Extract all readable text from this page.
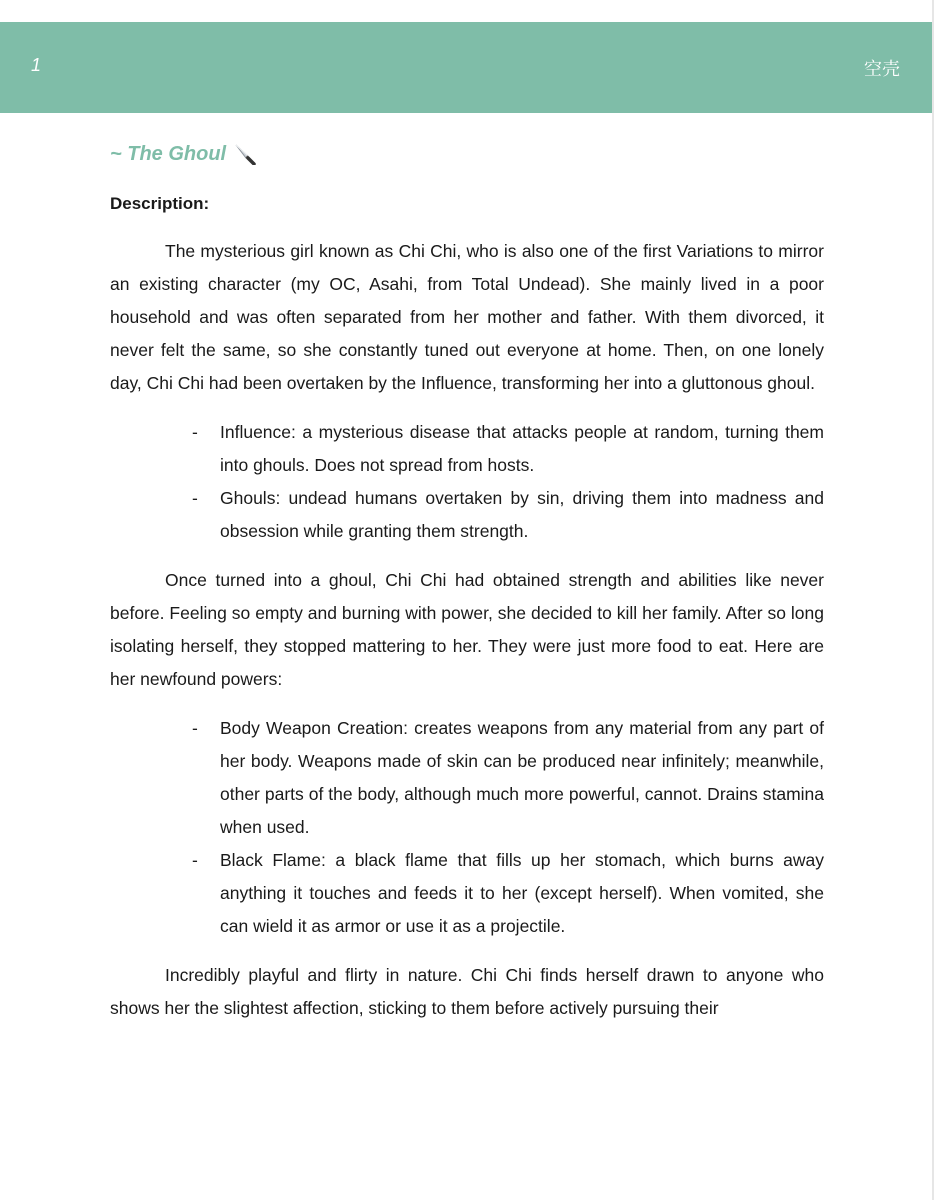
1	空壳
~ The Ghoul

Description:

The mysterious girl known as Chi Chi, who is also one of the first Variations to mirror an existing character (my OC, Asahi, from Total Undead). She mainly lived in a poor household and was often separated from her mother and father. With them divorced, it never felt the same, so she constantly tuned out everyone at home. Then, on one lonely day, Chi Chi had been overtaken by the Influence, transforming her into a gluttonous ghoul.

- Influence: a mysterious disease that attacks people at random, turning them into ghouls. Does not spread from hosts.
- Ghouls: undead humans overtaken by sin, driving them into madness and obsession while granting them strength.

Once turned into a ghoul, Chi Chi had obtained strength and abilities like never before. Feeling so empty and burning with power, she decided to kill her family. After so long isolating herself, they stopped mattering to her. They were just more food to eat. Here are her newfound powers:

- Body Weapon Creation: creates weapons from any material from any part of her body. Weapons made of skin can be produced near infinitely; meanwhile, other parts of the body, although much more powerful, cannot. Drains stamina when used.
- Black Flame: a black flame that fills up her stomach, which burns away anything it touches and feeds it to her (except herself). When vomited, she can wield it as armor or use it as a projectile.

Incredibly playful and flirty in nature. Chi Chi finds herself drawn to anyone who shows her the slightest affection, sticking to them before actively pursuing their
